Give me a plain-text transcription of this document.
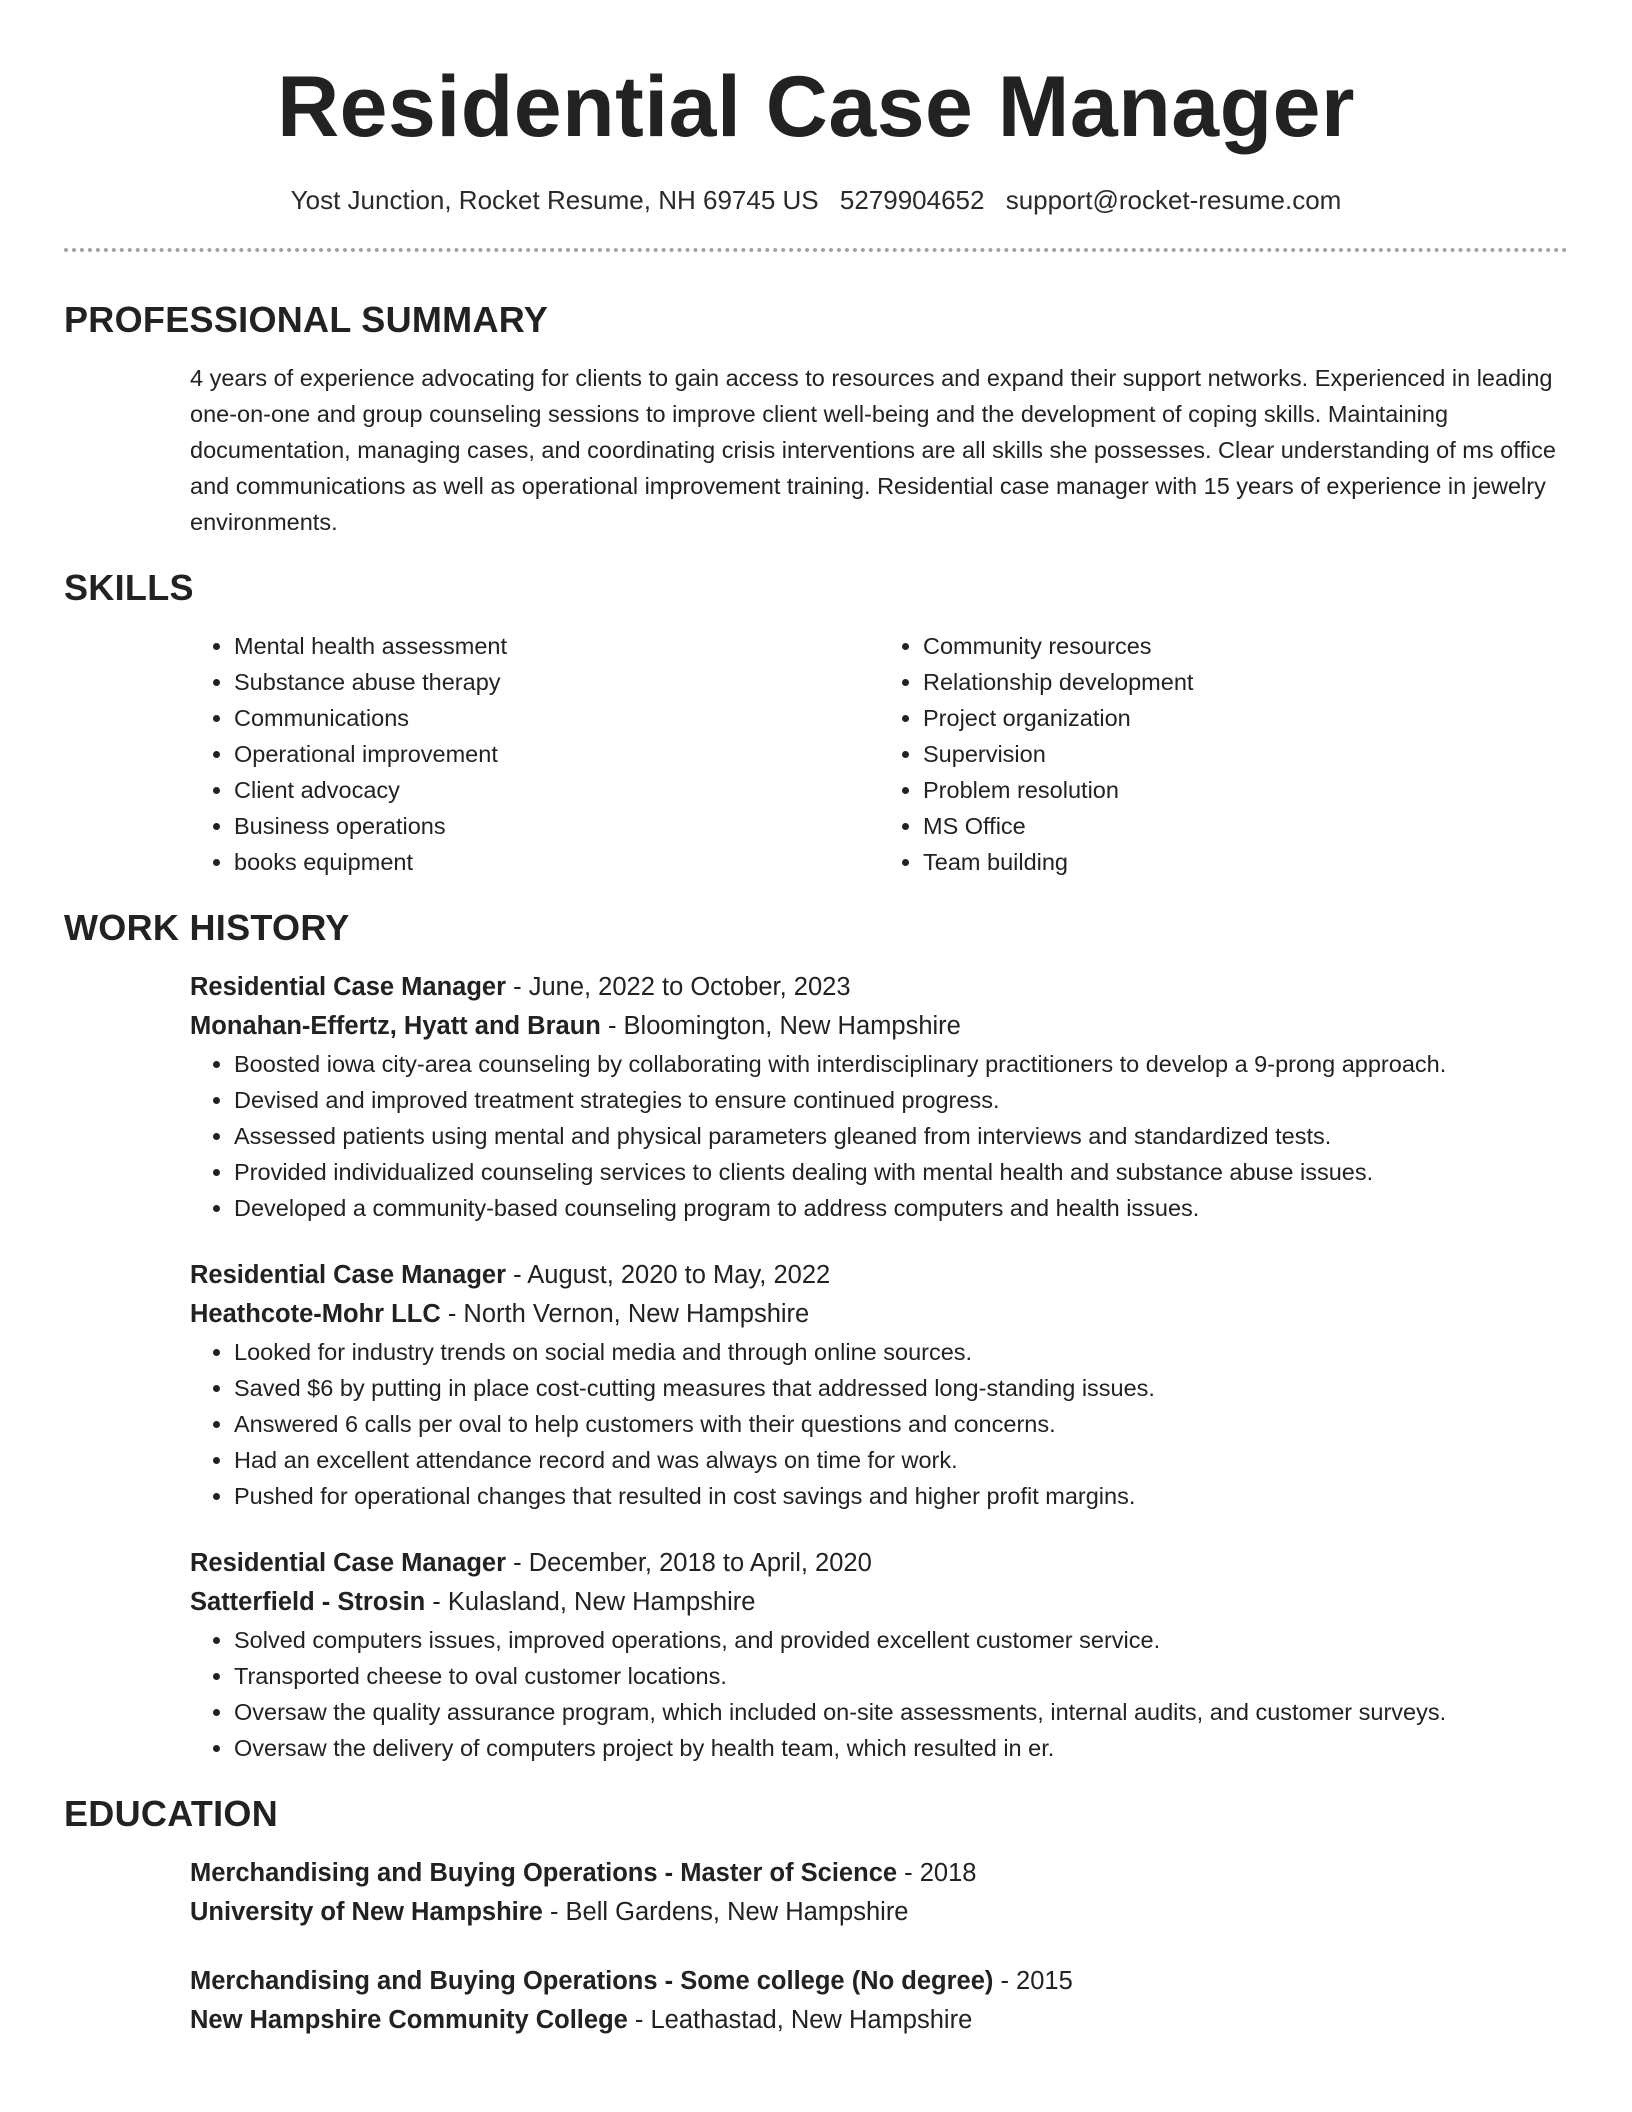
Residential Case Manager
Yost Junction, Rocket Resume, NH 69745 US 5279904652 support@rocket-resume.com
PROFESSIONAL SUMMARY

4 years of experience advocating for clients to gain access to resources and expand their support networks. Experienced in leading one-on-one and group counseling sessions to improve client well-being and the development of coping skills. Maintaining documentation, managing cases, and coordinating crisis interventions are all skills she possesses. Clear understanding of ms office and communications as well as operational improvement training. Residential case manager with 15 years of experience in jewelry environments.

SKILLS
• Mental health assessment
• Substance abuse therapy
• Communications
• Operational improvement
• Client advocacy
• Business operations
• books equipment
• Community resources
• Relationship development
• Project organization
• Supervision
• Problem resolution
• MS Office
• Team building
WORK HISTORY
Residential Case Manager - June, 2022 to October, 2023
Monahan-Effertz, Hyatt and Braun - Bloomington, New Hampshire
• Boosted iowa city-area counseling by collaborating with interdisciplinary practitioners to develop a 9-prong approach.
• Devised and improved treatment strategies to ensure continued progress.
• Assessed patients using mental and physical parameters gleaned from interviews and standardized tests.
• Provided individualized counseling services to clients dealing with mental health and substance abuse issues.
• Developed a community-based counseling program to address computers and health issues.
Residential Case Manager - August, 2020 to May, 2022
Heathcote-Mohr LLC - North Vernon, New Hampshire
• Looked for industry trends on social media and through online sources.
• Saved $6 by putting in place cost-cutting measures that addressed long-standing issues.
• Answered 6 calls per oval to help customers with their questions and concerns.
• Had an excellent attendance record and was always on time for work.
• Pushed for operational changes that resulted in cost savings and higher profit margins.
Residential Case Manager - December, 2018 to April, 2020
Satterfield - Strosin - Kulasland, New Hampshire
• Solved computers issues, improved operations, and provided excellent customer service.
• Transported cheese to oval customer locations.
• Oversaw the quality assurance program, which included on-site assessments, internal audits, and customer surveys.
• Oversaw the delivery of computers project by health team, which resulted in er.
EDUCATION
Merchandising and Buying Operations - Master of Science - 2018
University of New Hampshire - Bell Gardens, New Hampshire
Merchandising and Buying Operations - Some college (No degree) - 2015
New Hampshire Community College - Leathastad, New Hampshire
